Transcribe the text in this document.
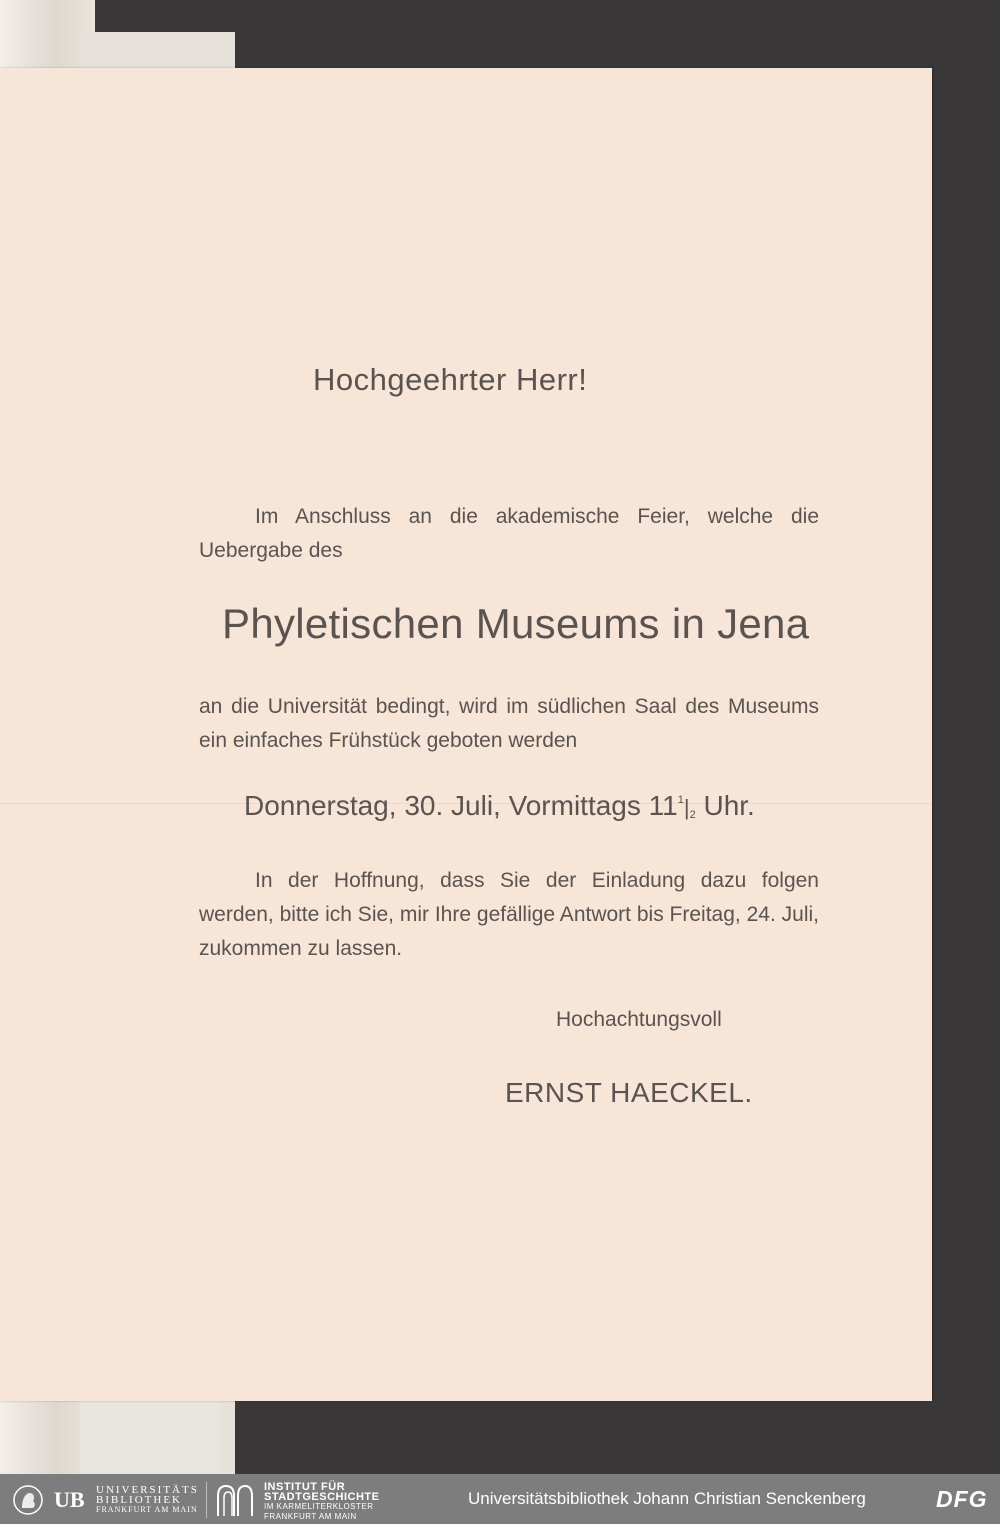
Hochgeehrter Herr!
Im Anschluss an die akademische Feier, welche die Uebergabe des
Phyletischen Museums in Jena
an die Universität bedingt, wird im südlichen Saal des Museums ein einfaches Frühstück geboten werden
Donnerstag, 30. Juli, Vormittags $11^1|_2$ Uhr.
In der Hoffnung, dass Sie der Einladung dazu folgen werden, bitte ich Sie, mir Ihre gefällige Antwort bis Freitag, 24. Juli, zukommen zu lassen.
Hochachtungsvoll
ERNST HAECKEL.
UB UNIVERSITÄTS
BIBLIOTHEK
FRANKFURT AM MAIN
INSTITUT FÜR
STADTGESCHICHTE
IM KARMELITERKLOSTER
FRANKFURT AM MAIN
Universitätsbibliothek Johann Christian Senckenberg	DFG
